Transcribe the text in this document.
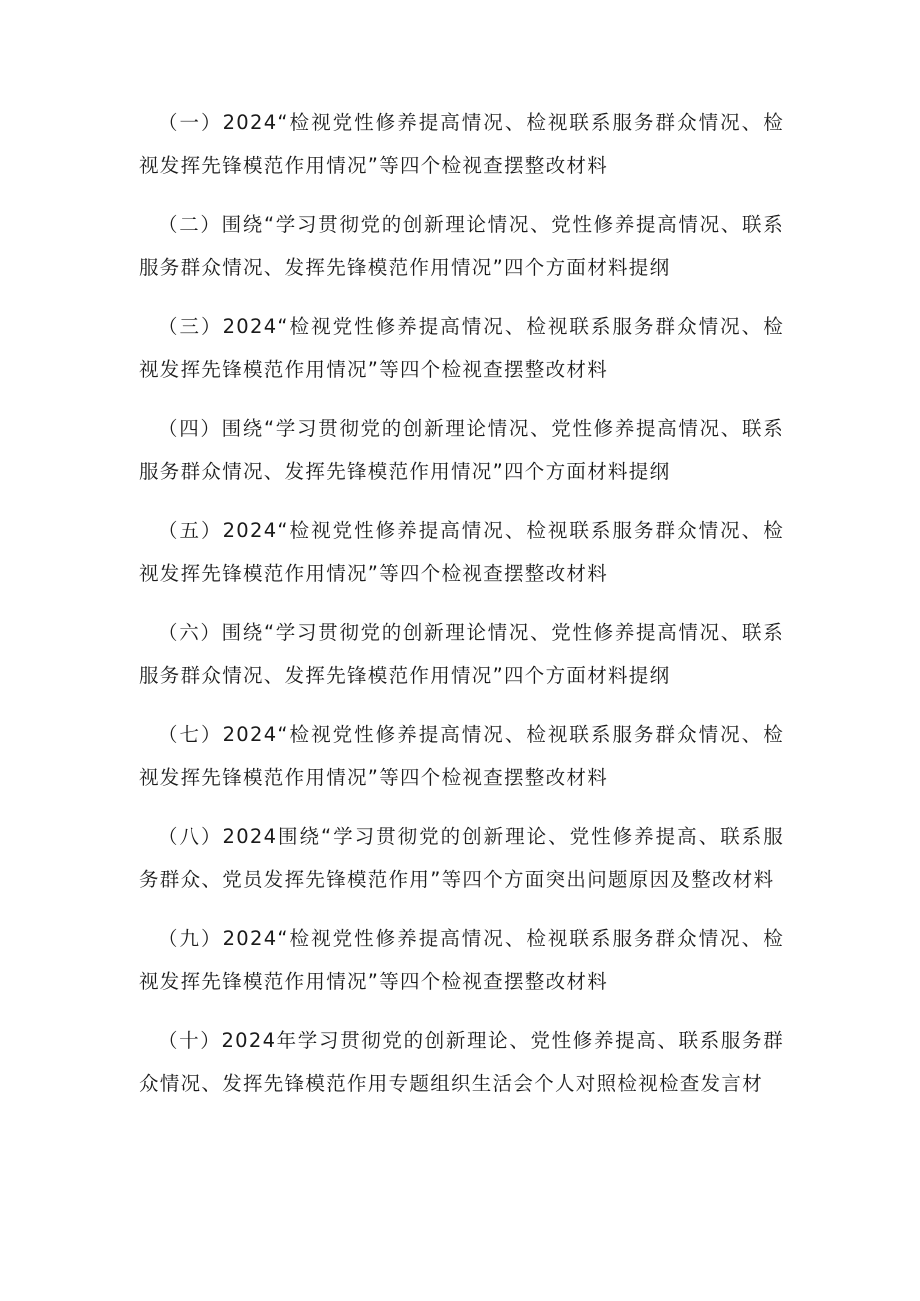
（一）2024“检视党性修养提高情况、检视联系服务群众情况、检视发挥先锋模范作用情况”等四个检视查摆整改材料

（二）围绕“学习贯彻党的创新理论情况、党性修养提高情况、联系服务群众情况、发挥先锋模范作用情况”四个方面材料提纲

（三）2024“检视党性修养提高情况、检视联系服务群众情况、检视发挥先锋模范作用情况”等四个检视查摆整改材料

（四）围绕“学习贯彻党的创新理论情况、党性修养提高情况、联系服务群众情况、发挥先锋模范作用情况”四个方面材料提纲

（五）2024“检视党性修养提高情况、检视联系服务群众情况、检视发挥先锋模范作用情况”等四个检视查摆整改材料

（六）围绕“学习贯彻党的创新理论情况、党性修养提高情况、联系服务群众情况、发挥先锋模范作用情况”四个方面材料提纲

（七）2024“检视党性修养提高情况、检视联系服务群众情况、检视发挥先锋模范作用情况”等四个检视查摆整改材料

（八）2024围绕“学习贯彻党的创新理论、党性修养提高、联系服务群众、党员发挥先锋模范作用”等四个方面突出问题原因及整改材料

（九）2024“检视党性修养提高情况、检视联系服务群众情况、检视发挥先锋模范作用情况”等四个检视查摆整改材料

（十）2024年学习贯彻党的创新理论、党性修养提高、联系服务群众情况、发挥先锋模范作用专题组织生活会个人对照检视检查发言材
